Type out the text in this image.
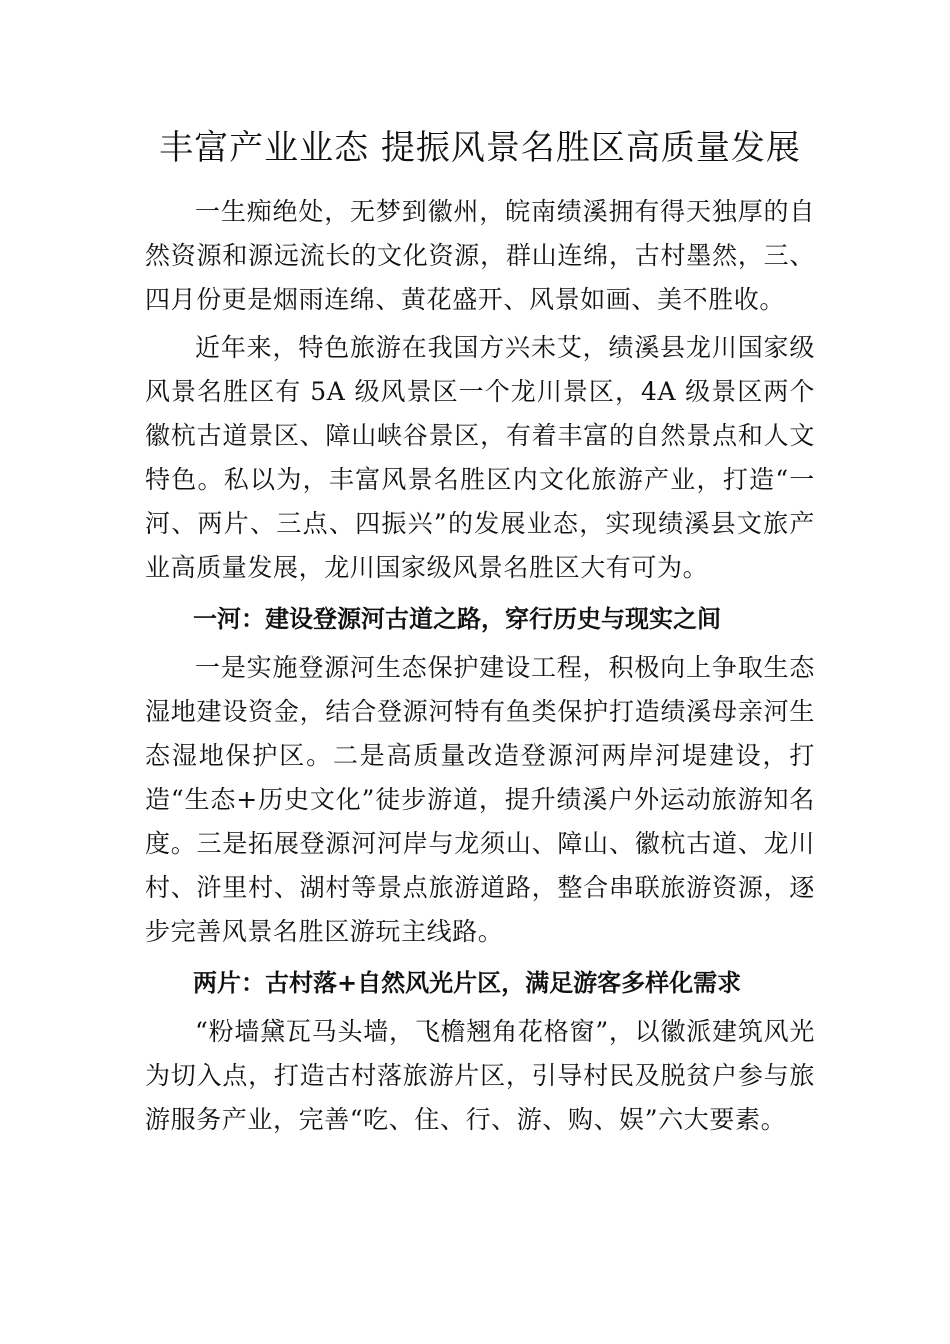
丰富产业业态 提振风景名胜区高质量发展

一生痴绝处，无梦到徽州，皖南绩溪拥有得天独厚的自然资源和源远流长的文化资源，群山连绵，古村墨然，三、 四月份更是烟雨连绵、黄花盛开、风景如画、美不胜收。

近年来，特色旅游在我国方兴未艾，绩溪县龙川国家级风景名胜区有 5A 级风景区一个龙川景区，4A 级景区两个徽杭古道景区、障山峡谷景区，有着丰富的自然景点和人文特色。私以为，丰富风景名胜区内文化旅游产业，打造“一河、两片、三点、四振兴”的发展业态，实现绩溪县文旅产业高质量发展，龙川国家级风景名胜区大有可为。

一河：建设登源河古道之路，穿行历史与现实之间

一是实施登源河生态保护建设工程，积极向上争取生态湿地建设资金，结合登源河特有鱼类保护打造绩溪母亲河生态湿地保护区。二是高质量改造登源河两岸河堤建设，打造“生态+历史文化”徒步游道，提升绩溪户外运动旅游知名 度。三是拓展登源河河岸与龙须山、障山、徽杭古道、龙川村、浒里村、湖村等景点旅游道路，整合串联旅游资源，逐步完善风景名胜区游玩主线路。

两片：古村落+自然风光片区，满足游客多样化需求

“粉墙黛瓦马头墙，飞檐翘角花格窗”，以徽派建筑风光为切入点，打造古村落旅游片区，引导村民及脱贫户参与旅游服务产业，完善“吃、住、行、游、购、娱”六大要素。
